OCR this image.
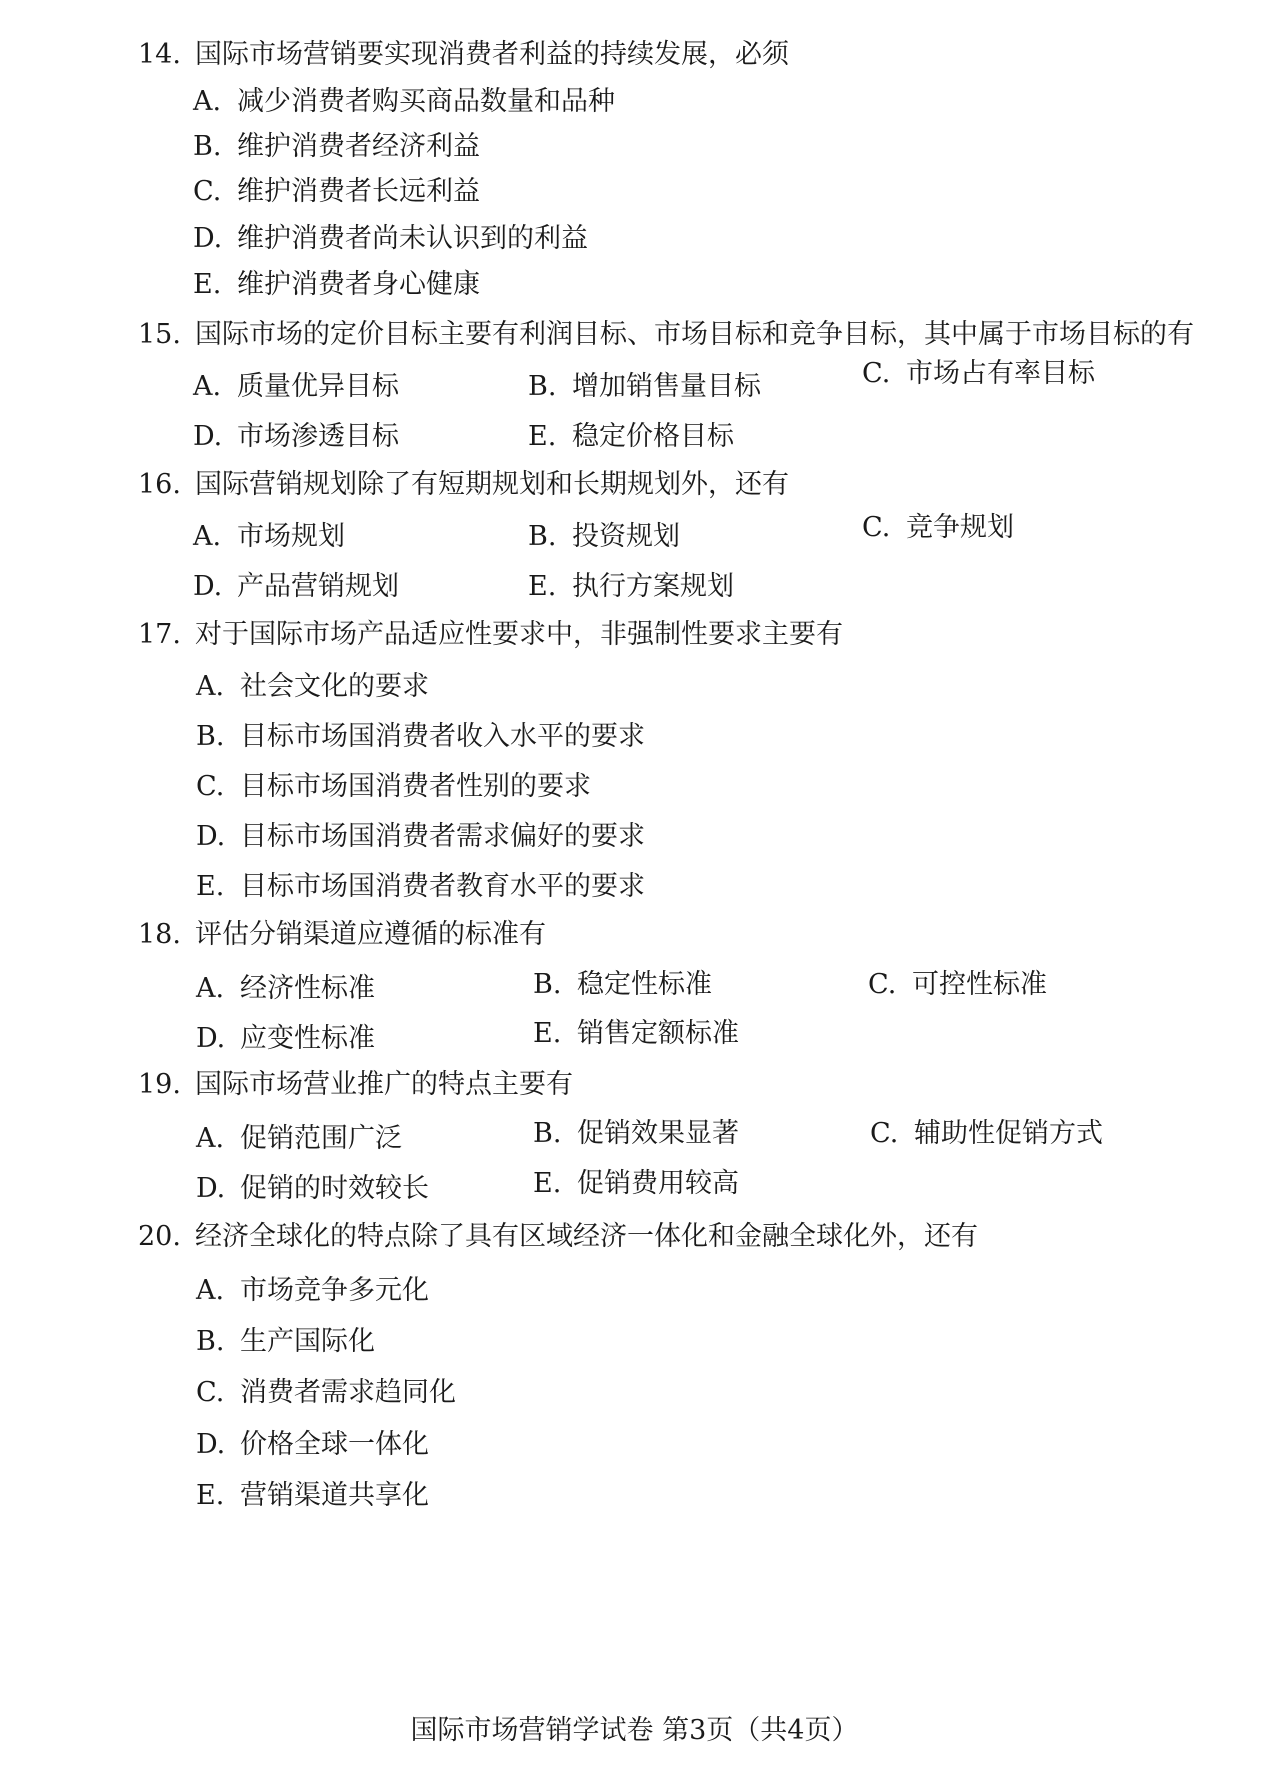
14. 国际市场营销要实现消费者利益的持续发展，必须
A. 减少消费者购买商品数量和品种
B. 维护消费者经济利益
C. 维护消费者长远利益
D. 维护消费者尚未认识到的利益
E. 维护消费者身心健康
15. 国际市场的定价目标主要有利润目标、市场目标和竞争目标，其中属于市场目标的有
A. 质量优异目标	B. 增加销售量目标	C. 市场占有率目标
D. 市场渗透目标	E. 稳定价格目标
16. 国际营销规划除了有短期规划和长期规划外，还有
A. 市场规划	B. 投资规划	C. 竞争规划
D. 产品营销规划	E. 执行方案规划
17. 对于国际市场产品适应性要求中，非强制性要求主要有
A. 社会文化的要求
B. 目标市场国消费者收入水平的要求
C. 目标市场国消费者性别的要求
D. 目标市场国消费者需求偏好的要求
E. 目标市场国消费者教育水平的要求
18. 评估分销渠道应遵循的标准有
A. 经济性标准	B. 稳定性标准	C. 可控性标准
D. 应变性标准	E. 销售定额标准
19. 国际市场营业推广的特点主要有
A. 促销范围广泛	B. 促销效果显著	C. 辅助性促销方式
D. 促销的时效较长	E. 促销费用较高
20. 经济全球化的特点除了具有区域经济一体化和金融全球化外，还有
A. 市场竞争多元化
B. 生产国际化
C. 消费者需求趋同化
D. 价格全球一体化
E. 营销渠道共享化
国际市场营销学试卷 第3页（共4页）
